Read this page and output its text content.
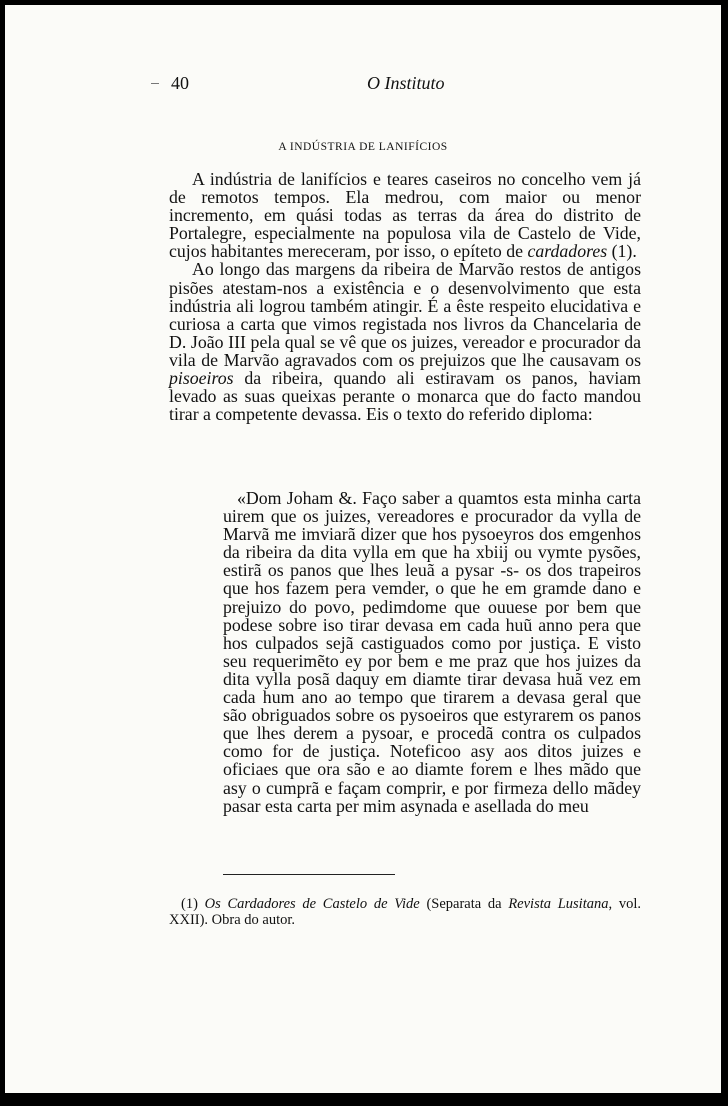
40	O Instituto
A INDÚSTRIA DE LANIFÍCIOS

A indústria de lanifícios e teares caseiros no concelho vem já de remotos tempos. Ela medrou, com maior ou menor incremento, em quási todas as terras da área do distrito de Portalegre, especialmente na populosa vila de Castelo de Vide, cujos habitantes mereceram, por isso, o epíteto de cardadores (1).

Ao longo das margens da ribeira de Marvão restos de antigos pisões atestam-nos a existência e o desenvolvimento que esta indústria ali logrou também atingir. É a êste respeito elucidativa e curiosa a carta que vimos registada nos livros da Chancelaria de D. João III pela qual se vê que os juizes, vereador e procurador da vila de Marvão agravados com os prejuizos que lhe causavam os pisoeiros da ribeira, quando ali estiravam os panos, haviam levado as suas queixas perante o monarca que do facto mandou tirar a competente devassa. Eis o texto do referido diploma:

«Dom Joham &. Faço saber a quamtos esta minha carta uirem que os juizes, vereadores e procurador da vylla de Marvã me imviarã dizer que hos pysoeyros dos emgenhos da ribeira da dita vylla em que ha xbiij ou vymte pysões, estirã os panos que lhes leuã a pysar -s- os dos trapeiros que hos fazem pera vemder, o que he em gramde dano e prejuizo do povo, pedimdome que ouuese por bem que podese sobre iso tirar devasa em cada huũ anno pera que hos culpados sejã castiguados como por justiça. E visto seu requerimẽto ey por bem e me praz que hos juizes da dita vylla posã daquy em diamte tirar devasa huã vez em cada hum ano ao tempo que tirarem a devasa geral que são obriguados sobre os pysoeiros que estyrarem os panos que lhes derem a pysoar, e procedã contra os culpados como for de justiça. Noteficoo asy aos ditos juizes e oficiaes que ora são e ao diamte forem e lhes mãdo que asy o cumprã e façam comprir, e por firmeza dello mãdey pasar esta carta per mim asynada e asellada do meu

(1) Os Cardadores de Castelo de Vide (Separata da Revista Lusitana, vol. XXII). Obra do autor.
